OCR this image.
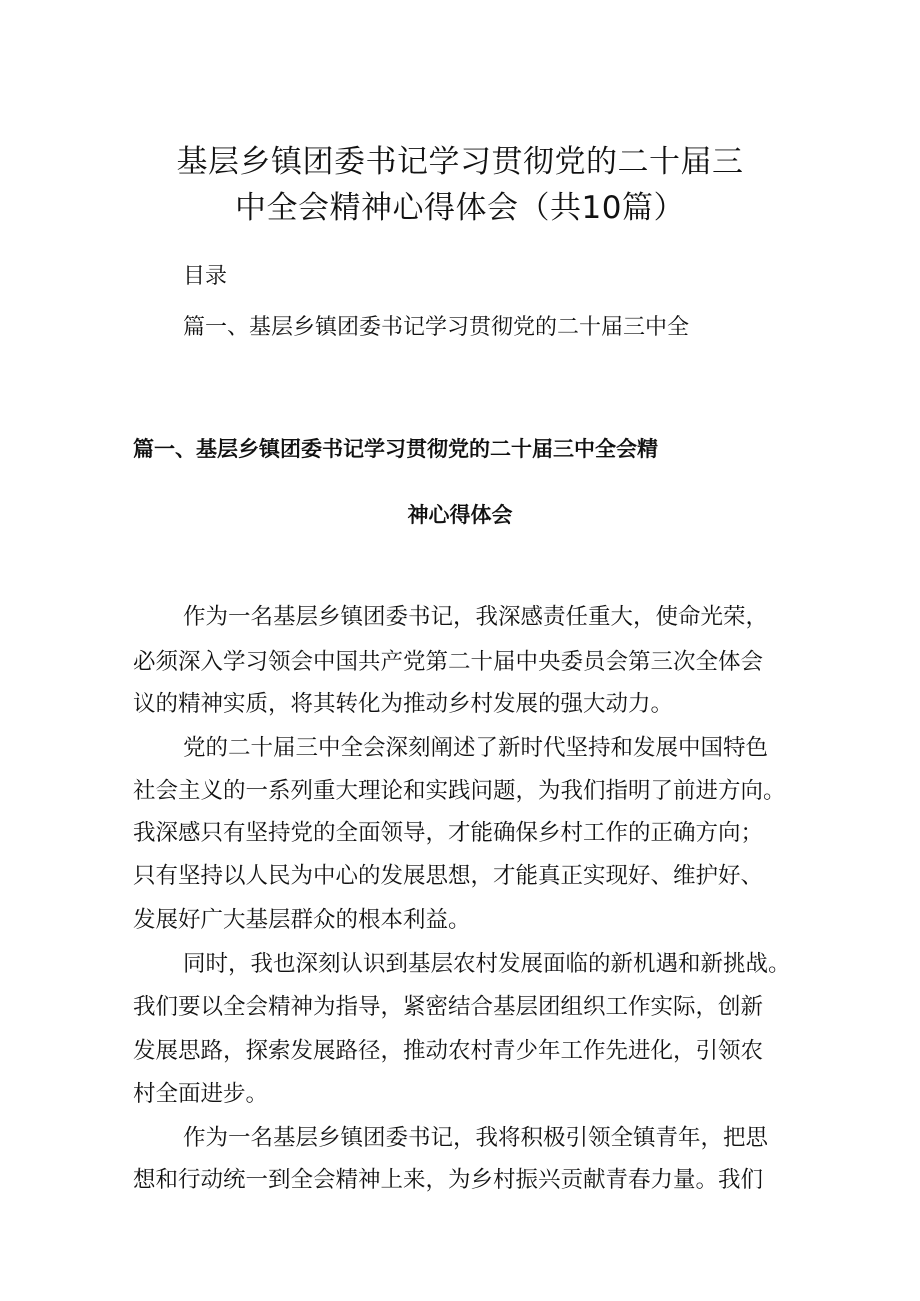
基层乡镇团委书记学习贯彻党的二十届三
中全会精神心得体会（共10篇）

目录

篇一、基层乡镇团委书记学习贯彻党的二十届三中全

篇一、基层乡镇团委书记学习贯彻党的二十届三中全会精
神心得体会

作为一名基层乡镇团委书记，我深感责任重大，使命光荣，

必须深入学习领会中国共产党第二十届中央委员会第三次全体会

议的精神实质，将其转化为推动乡村发展的强大动力。

党的二十届三中全会深刻阐述了新时代坚持和发展中国特色

社会主义的一系列重大理论和实践问题，为我们指明了前进方向。

我深感只有坚持党的全面领导，才能确保乡村工作的正确方向；

只有坚持以人民为中心的发展思想，才能真正实现好、维护好、

发展好广大基层群众的根本利益。

同时，我也深刻认识到基层农村发展面临的新机遇和新挑战。

我们要以全会精神为指导，紧密结合基层团组织工作实际，创新

发展思路，探索发展路径，推动农村青少年工作先进化，引领农

村全面进步。

作为一名基层乡镇团委书记，我将积极引领全镇青年，把思

想和行动统一到全会精神上来，为乡村振兴贡献青春力量。我们
